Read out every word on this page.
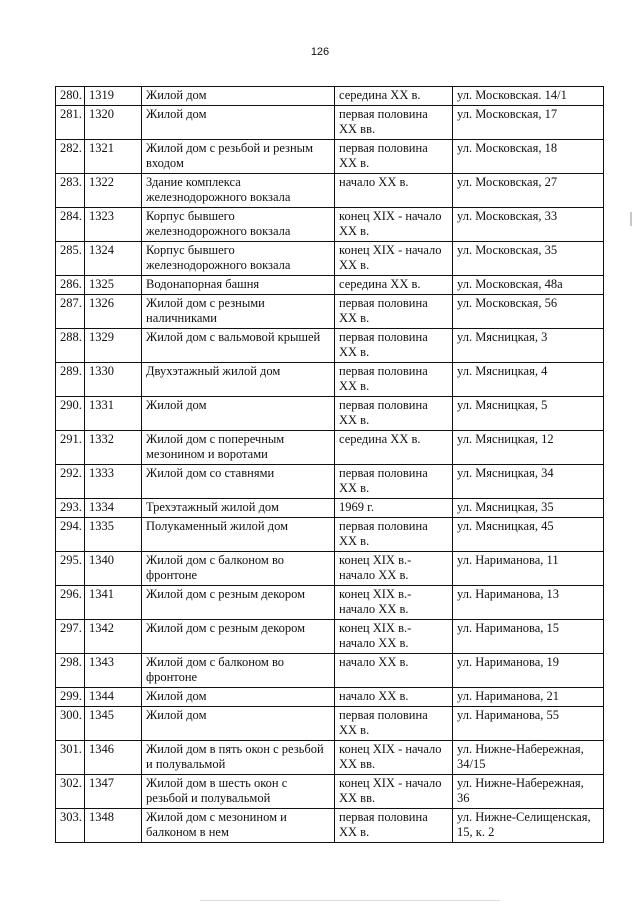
126
280.	1319	Жилой дом	середина XX в.	ул. Московская. 14/1
281.	1320	Жилой дом	первая половина XX вв.	ул. Московская, 17
282.	1321	Жилой дом с резьбой и резным входом	первая половина XX в.	ул. Московская, 18
283.	1322	Здание комплекса железнодорожного вокзала	начало XX в.	ул. Московская, 27
284.	1323	Корпус бывшего железнодорожного вокзала	конец XIX - начало XX в.	ул. Московская, 33
285.	1324	Корпус бывшего железнодорожного вокзала	конец XIX - начало XX в.	ул. Московская, 35
286.	1325	Водонапорная башня	середина XX в.	ул. Московская, 48а
287.	1326	Жилой дом с резными наличниками	первая половина XX в.	ул. Московская, 56
288.	1329	Жилой дом с вальмовой крышей	первая половина XX в.	ул. Мясницкая, 3
289.	1330	Двухэтажный жилой дом	первая половина XX в.	ул. Мясницкая, 4
290.	1331	Жилой дом	первая половина XX в.	ул. Мясницкая, 5
291.	1332	Жилой дом с поперечным мезонином и воротами	середина XX в.	ул. Мясницкая, 12
292.	1333	Жилой дом со ставнями	первая половина XX в.	ул. Мясницкая, 34
293.	1334	Трехэтажный жилой дом	1969 г.	ул. Мясницкая, 35
294.	1335	Полукаменный жилой дом	первая половина XX в.	ул. Мясницкая, 45
295.	1340	Жилой дом с балконом во фронтоне	конец XIX в.- начало XX в.	ул. Нариманова, 11
296.	1341	Жилой дом с резным декором	конец XIX в.- начало XX в.	ул. Нариманова, 13
297.	1342	Жилой дом с резным декором	конец XIX в.- начало XX в.	ул. Нариманова, 15
298.	1343	Жилой дом с балконом во фронтоне	начало XX в.	ул. Нариманова, 19
299.	1344	Жилой дом	начало XX в.	ул. Нариманова, 21
300.	1345	Жилой дом	первая половина XX в.	ул. Нариманова, 55
301.	1346	Жилой дом в пять окон с резьбой и полувальмой	конец XIX - начало XX вв.	ул. Нижне-Набережная, 34/15
302.	1347	Жилой дом в шесть окон с резьбой и полувальмой	конец XIX - начало XX вв.	ул. Нижне-Набережная, 36
303.	1348	Жилой дом с мезонином и балконом в нем	первая половина XX в.	ул. Нижне-Селищенская, 15, к. 2
